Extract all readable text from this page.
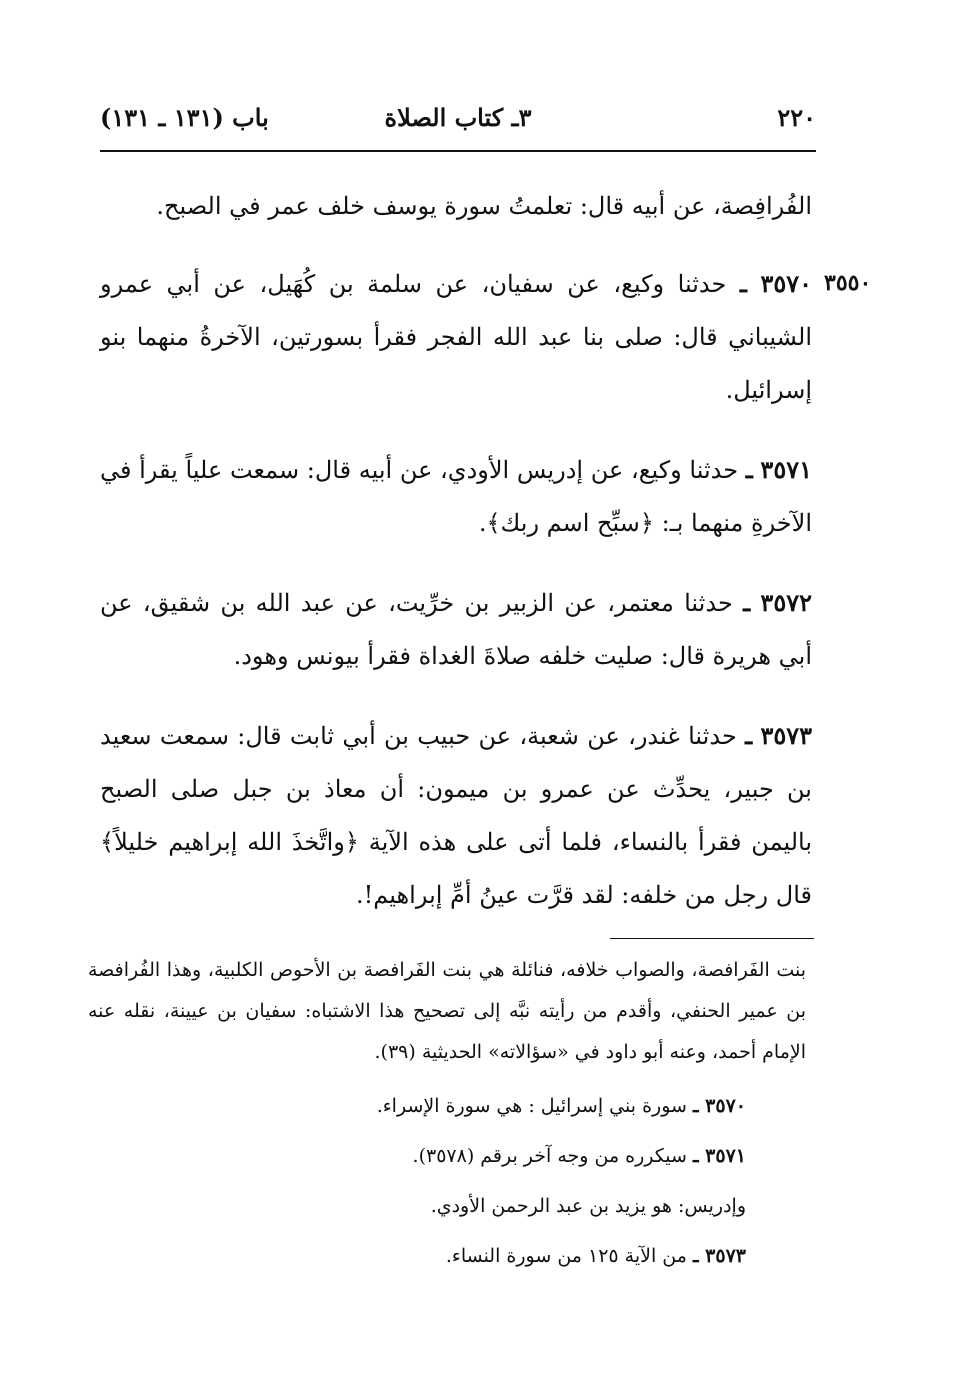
٢٢٠
٣ـ كتاب الصلاة
باب (١٣١ ـ ١٣١)
٣٥٥٠

الفُرافِصة، عن أبيه قال: تعلمتُ سورة يوسف خلف عمر في الصبح.

٣٥٧٠ ـ حدثنا وكيع، عن سفيان، عن سلمة بن كُهَيل، عن أبي عمرو الشيباني قال: صلى بنا عبد الله الفجر فقرأ بسورتين، الآخرةُ منهما بنو إسرائيل.

٣٥٧١ ـ حدثنا وكيع، عن إدريس الأودي، عن أبيه قال: سمعت علياً يقرأ في الآخرةِ منهما بـ: ﴿سبِّح اسم ربك﴾.

٣٥٧٢ ـ حدثنا معتمر، عن الزبير بن خرِّيت، عن عبد الله بن شقيق، عن أبي هريرة قال: صليت خلفه صلاةَ الغداة فقرأ بيونس وهود.

٣٥٧٣ ـ حدثنا غندر، عن شعبة، عن حبيب بن أبي ثابت قال: سمعت سعيد بن جبير، يحدِّث عن عمرو بن ميمون: أن معاذ بن جبل صلى الصبح باليمن فقرأ بالنساء، فلما أتى على هذه الآية ﴿واتَّخذَ الله إبراهيم خليلاً﴾ قال رجل من خلفه: لقد قرَّت عينُ أمِّ إبراهيم!.

بنت الفَرافصة، والصواب خلافه، فنائلة هي بنت الفَرافصة بن الأحوص الكلبية، وهذا الفُرافصة بن عمير الحنفي، وأقدم من رأيته نبَّه إلى تصحيح هذا الاشتباه: سفيان بن عيينة، نقله عنه الإمام أحمد، وعنه أبو داود في «سؤالاته» الحديثية (٣٩).

٣٥٧٠ ـ سورة بني إسرائيل : هي سورة الإسراء.
٣٥٧١ ـ سيكرره من وجه آخر برقم (٣٥٧٨).
وإدريس: هو يزيد بن عبد الرحمن الأودي.
٣٥٧٣ ـ من الآية ١٢٥ من سورة النساء.
